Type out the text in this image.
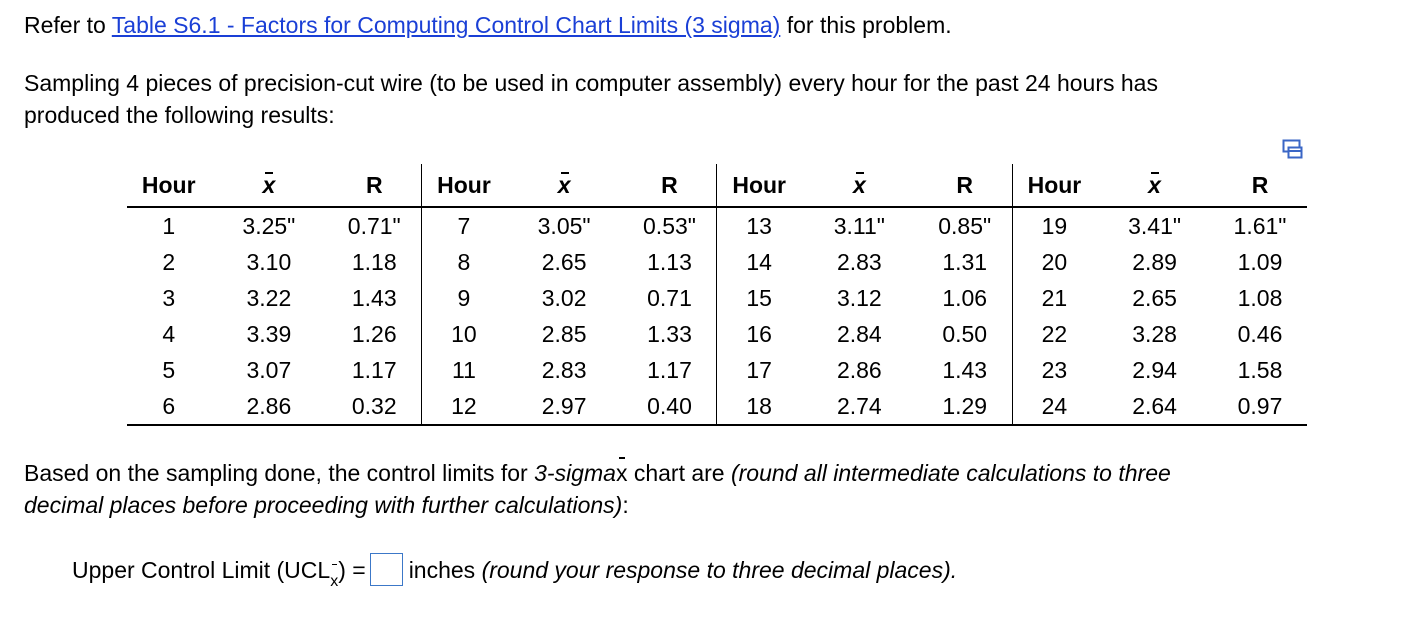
Refer to Table S6.1 - Factors for Computing Control Chart Limits (3 sigma) for this problem.
Sampling 4 pieces of precision-cut wire (to be used in computer assembly) every hour for the past 24 hours has
produced the following results:
Hour	x	R	Hour	x	R	Hour	x	R	Hour	x	R
1	3.25"	0.71"	7	3.05"	0.53"	13	3.11"	0.85"	19	3.41"	1.61"
2	3.10	1.18	8	2.65	1.13	14	2.83	1.31	20	2.89	1.09
3	3.22	1.43	9	3.02	0.71	15	3.12	1.06	21	2.65	1.08
4	3.39	1.26	10	2.85	1.33	16	2.84	0.50	22	3.28	0.46
5	3.07	1.17	11	2.83	1.17	17	2.86	1.43	23	2.94	1.58
6	2.86	0.32	12	2.97	0.40	18	2.74	1.29	24	2.64	0.97
Based on the sampling done, the control limits for 3-sigmax chart are (round all intermediate calculations to three
decimal places before proceeding with further calculations):
Upper Control Limit $(UCL_x)$ = inches (round your response to three decimal places).
